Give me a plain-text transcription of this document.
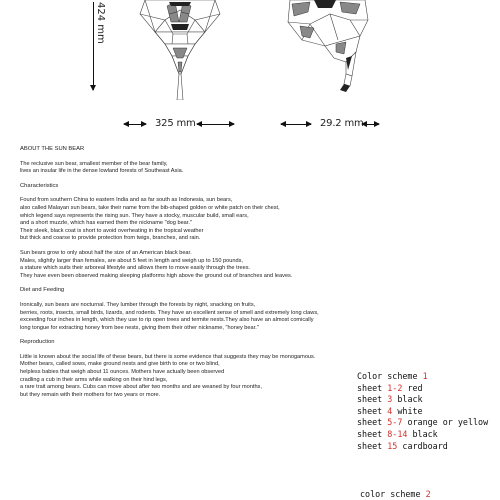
424 mm
325 mm	29.2 mm

ABOUT THE SUN BEAR

The reclusive sun bear, smallest member of the bear family,

lives an insular life in the dense lowland forests of Southeast Asia.

Characteristics

Found from southern China to eastern India and as far south as Indonesia, sun bears,

also called Malayan sun bears, take their name from the bib-shaped golden or white patch on their chest,

which legend says represents the rising sun. They have a stocky, muscular build, small ears,

and a short muzzle, which has earned them the nickname "dog bear."

Their sleek, black coat is short to avoid overheating in the tropical weather

but thick and coarse to provide protection from twigs, branches, and rain.

Sun bears grow to only about half the size of an American black bear.

Males, slightly larger than females, are about 5 feet in length and weigh up to 150 pounds,

a stature which suits their arboreal lifestyle and allows them to move easily through the trees.

They have even been observed making sleeping platforms high above the ground out of branches and leaves.

Diet and Feeding

Ironically, sun bears are nocturnal. They lumber through the forests by night, snacking on fruits,

berries, roots, insects, small birds, lizards, and rodents. They have an excellent sense of smell and extremely long claws,

exceeding four inches in length, which they use to rip open trees and termite nests.They also have an almost comically

long tongue for extracting honey from bee nests, giving them their other nickname, "honey bear."

Reproduction

Little is known about the social life of these bears, but there is some evidence that suggests they may be monogamous.

Mother bears, called sows, make ground nests and give birth to one or two blind,

helpless babies that weigh about 11 ounces. Mothers have actually been observed

cradling a cub in their arms while walking on their hind legs,

a rare trait among bears. Cubs can move about after two months and are weaned by four months,

but they remain with their mothers for two years or more.

Color scheme 1

sheet 1-2 red

sheet 3 black

sheet 4 white

sheet 5-7 orange or yellow

sheet 8-14 black

sheet 15 cardboard

color scheme 2
